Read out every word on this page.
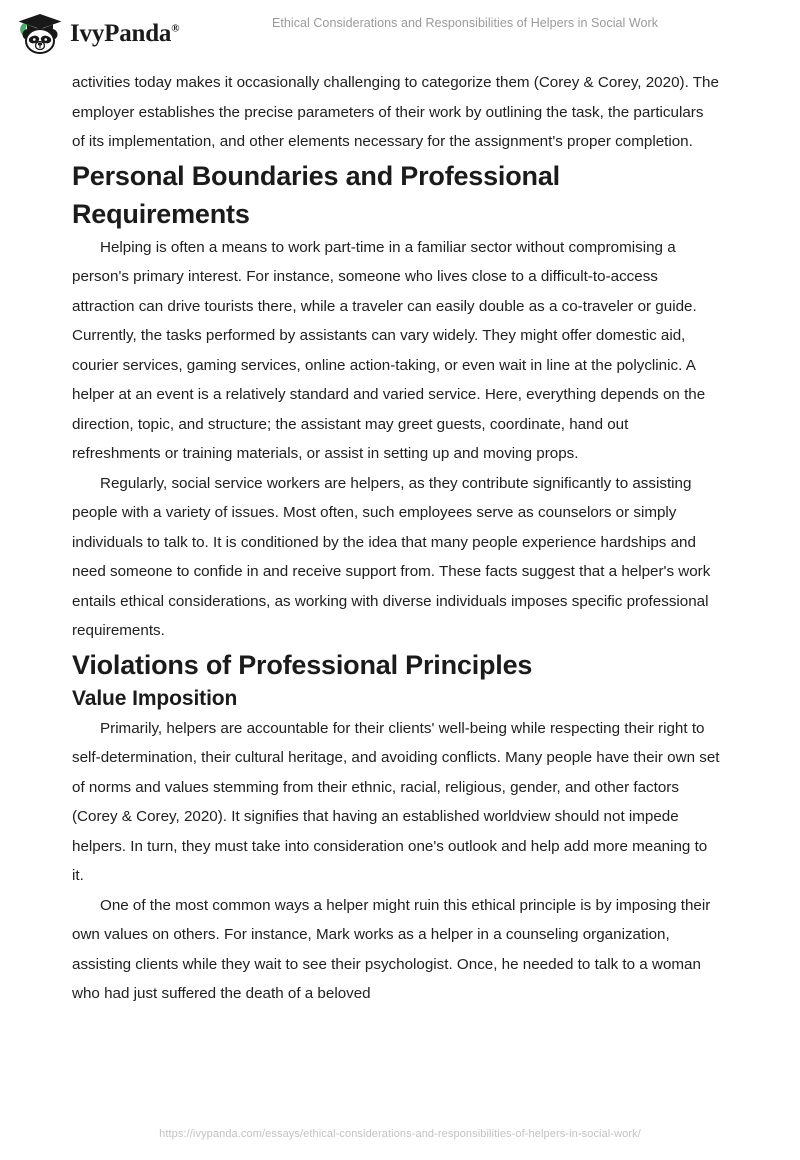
IvyPanda®	Ethical Considerations and Responsibilities of Helpers in Social Work

activities today makes it occasionally challenging to categorize them (Corey & Corey, 2020). The employer establishes the precise parameters of their work by outlining the task, the particulars of its implementation, and other elements necessary for the assignment's proper completion.

Personal Boundaries and Professional Requirements

Helping is often a means to work part-time in a familiar sector without compromising a person's primary interest. For instance, someone who lives close to a difficult-to-access attraction can drive tourists there, while a traveler can easily double as a co-traveler or guide. Currently, the tasks performed by assistants can vary widely. They might offer domestic aid, courier services, gaming services, online action-taking, or even wait in line at the polyclinic. A helper at an event is a relatively standard and varied service. Here, everything depends on the direction, topic, and structure; the assistant may greet guests, coordinate, hand out refreshments or training materials, or assist in setting up and moving props.

Regularly, social service workers are helpers, as they contribute significantly to assisting people with a variety of issues. Most often, such employees serve as counselors or simply individuals to talk to. It is conditioned by the idea that many people experience hardships and need someone to confide in and receive support from. These facts suggest that a helper's work entails ethical considerations, as working with diverse individuals imposes specific professional requirements.

Violations of Professional Principles
Value Imposition

Primarily, helpers are accountable for their clients' well-being while respecting their right to self-determination, their cultural heritage, and avoiding conflicts. Many people have their own set of norms and values stemming from their ethnic, racial, religious, gender, and other factors (Corey & Corey, 2020). It signifies that having an established worldview should not impede helpers. In turn, they must take into consideration one's outlook and help add more meaning to it.

One of the most common ways a helper might ruin this ethical principle is by imposing their own values on others. For instance, Mark works as a helper in a counseling organization, assisting clients while they wait to see their psychologist. Once, he needed to talk to a woman who had just suffered the death of a beloved

https://ivypanda.com/essays/ethical-considerations-and-responsibilities-of-helpers-in-social-work/
